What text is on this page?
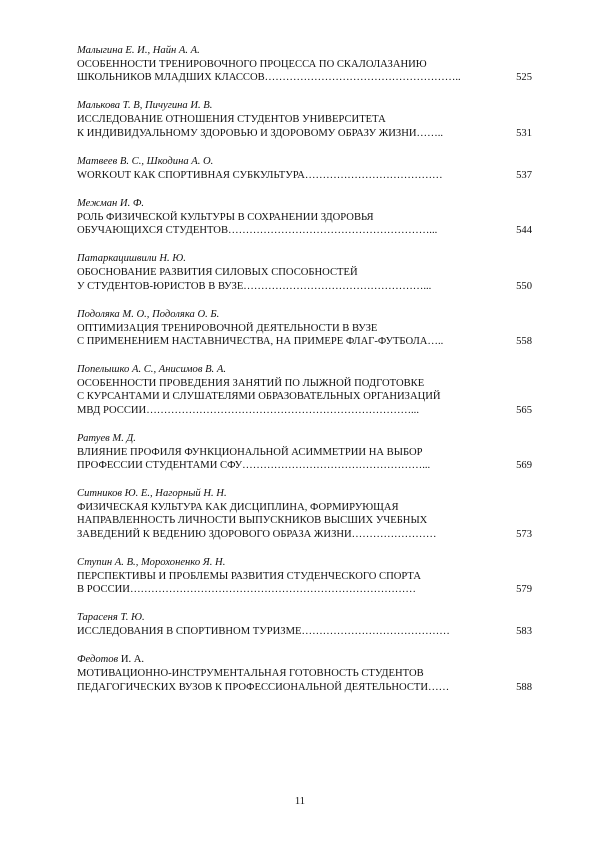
Малыгина Е. И., Найн А. А.
ОСОБЕННОСТИ ТРЕНИРОВОЧНОГО ПРОЦЕССА ПО СКАЛОЛАЗАНИЮ
ШКОЛЬНИКОВ МЛАДШИХ КЛАССОВ………………………………………………..	525
Малькова Т. В, Пичугина И. В.
ИССЛЕДОВАНИЕ ОТНОШЕНИЯ СТУДЕНТОВ УНИВЕРСИТЕТА
К ИНДИВИДУАЛЬНОМУ ЗДОРОВЬЮ И ЗДОРОВОМУ ОБРАЗУ ЖИЗНИ……..	531
Матвеев В. С., Шкодина А. О.
WORKOUT КАК СПОРТИВНАЯ СУБКУЛЬТУРА…………………………………	537
Межман И. Ф.
РОЛЬ ФИЗИЧЕСКОЙ КУЛЬТУРЫ В СОХРАНЕНИИ ЗДОРОВЬЯ
ОБУЧАЮЩИХСЯ СТУДЕНТОВ…………………………………………………...	544
Патаркацишвили Н. Ю.
ОБОСНОВАНИЕ РАЗВИТИЯ СИЛОВЫХ СПОСОБНОСТЕЙ
У СТУДЕНТОВ-ЮРИСТОВ В ВУЗЕ……………………………………………...	550
Подоляка М. О., Подоляка О. Б.
ОПТИМИЗАЦИЯ ТРЕНИРОВОЧНОЙ ДЕЯТЕЛЬНОСТИ В ВУЗЕ
С ПРИМЕНЕНИЕМ НАСТАВНИЧЕСТВА, НА ПРИМЕРЕ ФЛАГ-ФУТБОЛА…..	558
Попелышко А. С., Анисимов В. А.
ОСОБЕННОСТИ ПРОВЕДЕНИЯ ЗАНЯТИЙ ПО ЛЫЖНОЙ ПОДГОТОВКЕ
С КУРСАНТАМИ И СЛУШАТЕЛЯМИ ОБРАЗОВАТЕЛЬНЫХ ОРГАНИЗАЦИЙ
МВД РОССИИ…………………………………………………………………...	565
Ратуев М. Д.
ВЛИЯНИЕ ПРОФИЛЯ ФУНКЦИОНАЛЬНОЙ АСИММЕТРИИ НА ВЫБОР
ПРОФЕССИИ СТУДЕНТАМИ СФУ……………………………………………...	569
Ситников Ю. Е., Нагорный Н. Н.
ФИЗИЧЕСКАЯ КУЛЬТУРА КАК ДИСЦИПЛИНА, ФОРМИРУЮЩАЯ
НАПРАВЛЕННОСТЬ ЛИЧНОСТИ ВЫПУСКНИКОВ ВЫСШИХ УЧЕБНЫХ
ЗАВЕДЕНИЙ К ВЕДЕНИЮ ЗДОРОВОГО ОБРАЗА ЖИЗНИ……………………	573
Ступин А. В., Морохоненко Я. Н.
ПЕРСПЕКТИВЫ И ПРОБЛЕМЫ РАЗВИТИЯ СТУДЕНЧЕСКОГО СПОРТА
В РОССИИ………………………………………………………………………	579
Тарасеня Т. Ю.
ИССЛЕДОВАНИЯ В СПОРТИВНОМ ТУРИЗМЕ……………………………………	583
Федотов И. А.
МОТИВАЦИОННО-ИНСТРУМЕНТАЛЬНАЯ ГОТОВНОСТЬ СТУДЕНТОВ
ПЕДАГОГИЧЕСКИХ ВУЗОВ К ПРОФЕССИОНАЛЬНОЙ ДЕЯТЕЛЬНОСТИ……	588
11
